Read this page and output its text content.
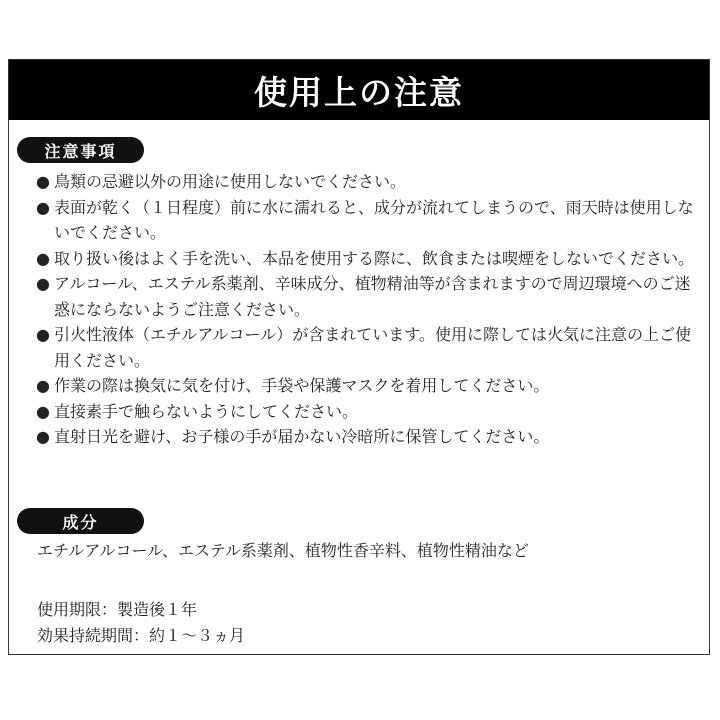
使用上の注意
注意事項
● 鳥類の忌避以外の用途に使用しないでください。
● 表面が乾く（１日程度）前に水に濡れると、成分が流れてしまうので、雨天時は使用しないでください。
● 取り扱い後はよく手を洗い、本品を使用する際に、飲食または喫煙をしないでください。
● アルコール、エステル系薬剤、辛味成分、植物精油等が含まれますので周辺環境へのご迷惑にならないようご注意ください。
● 引火性液体（エチルアルコール）が含まれています。使用に際しては火気に注意の上ご使用ください。
● 作業の際は換気に気を付け、手袋や保護マスクを着用してください。
● 直接素手で触らないようにしてください。
● 直射日光を避け、お子様の手が届かない冷暗所に保管してください。
成分
エチルアルコール、エステル系薬剤、植物性香辛料、植物性精油など
使用期限：製造後１年
効果持続期間：約１～３ヵ月
